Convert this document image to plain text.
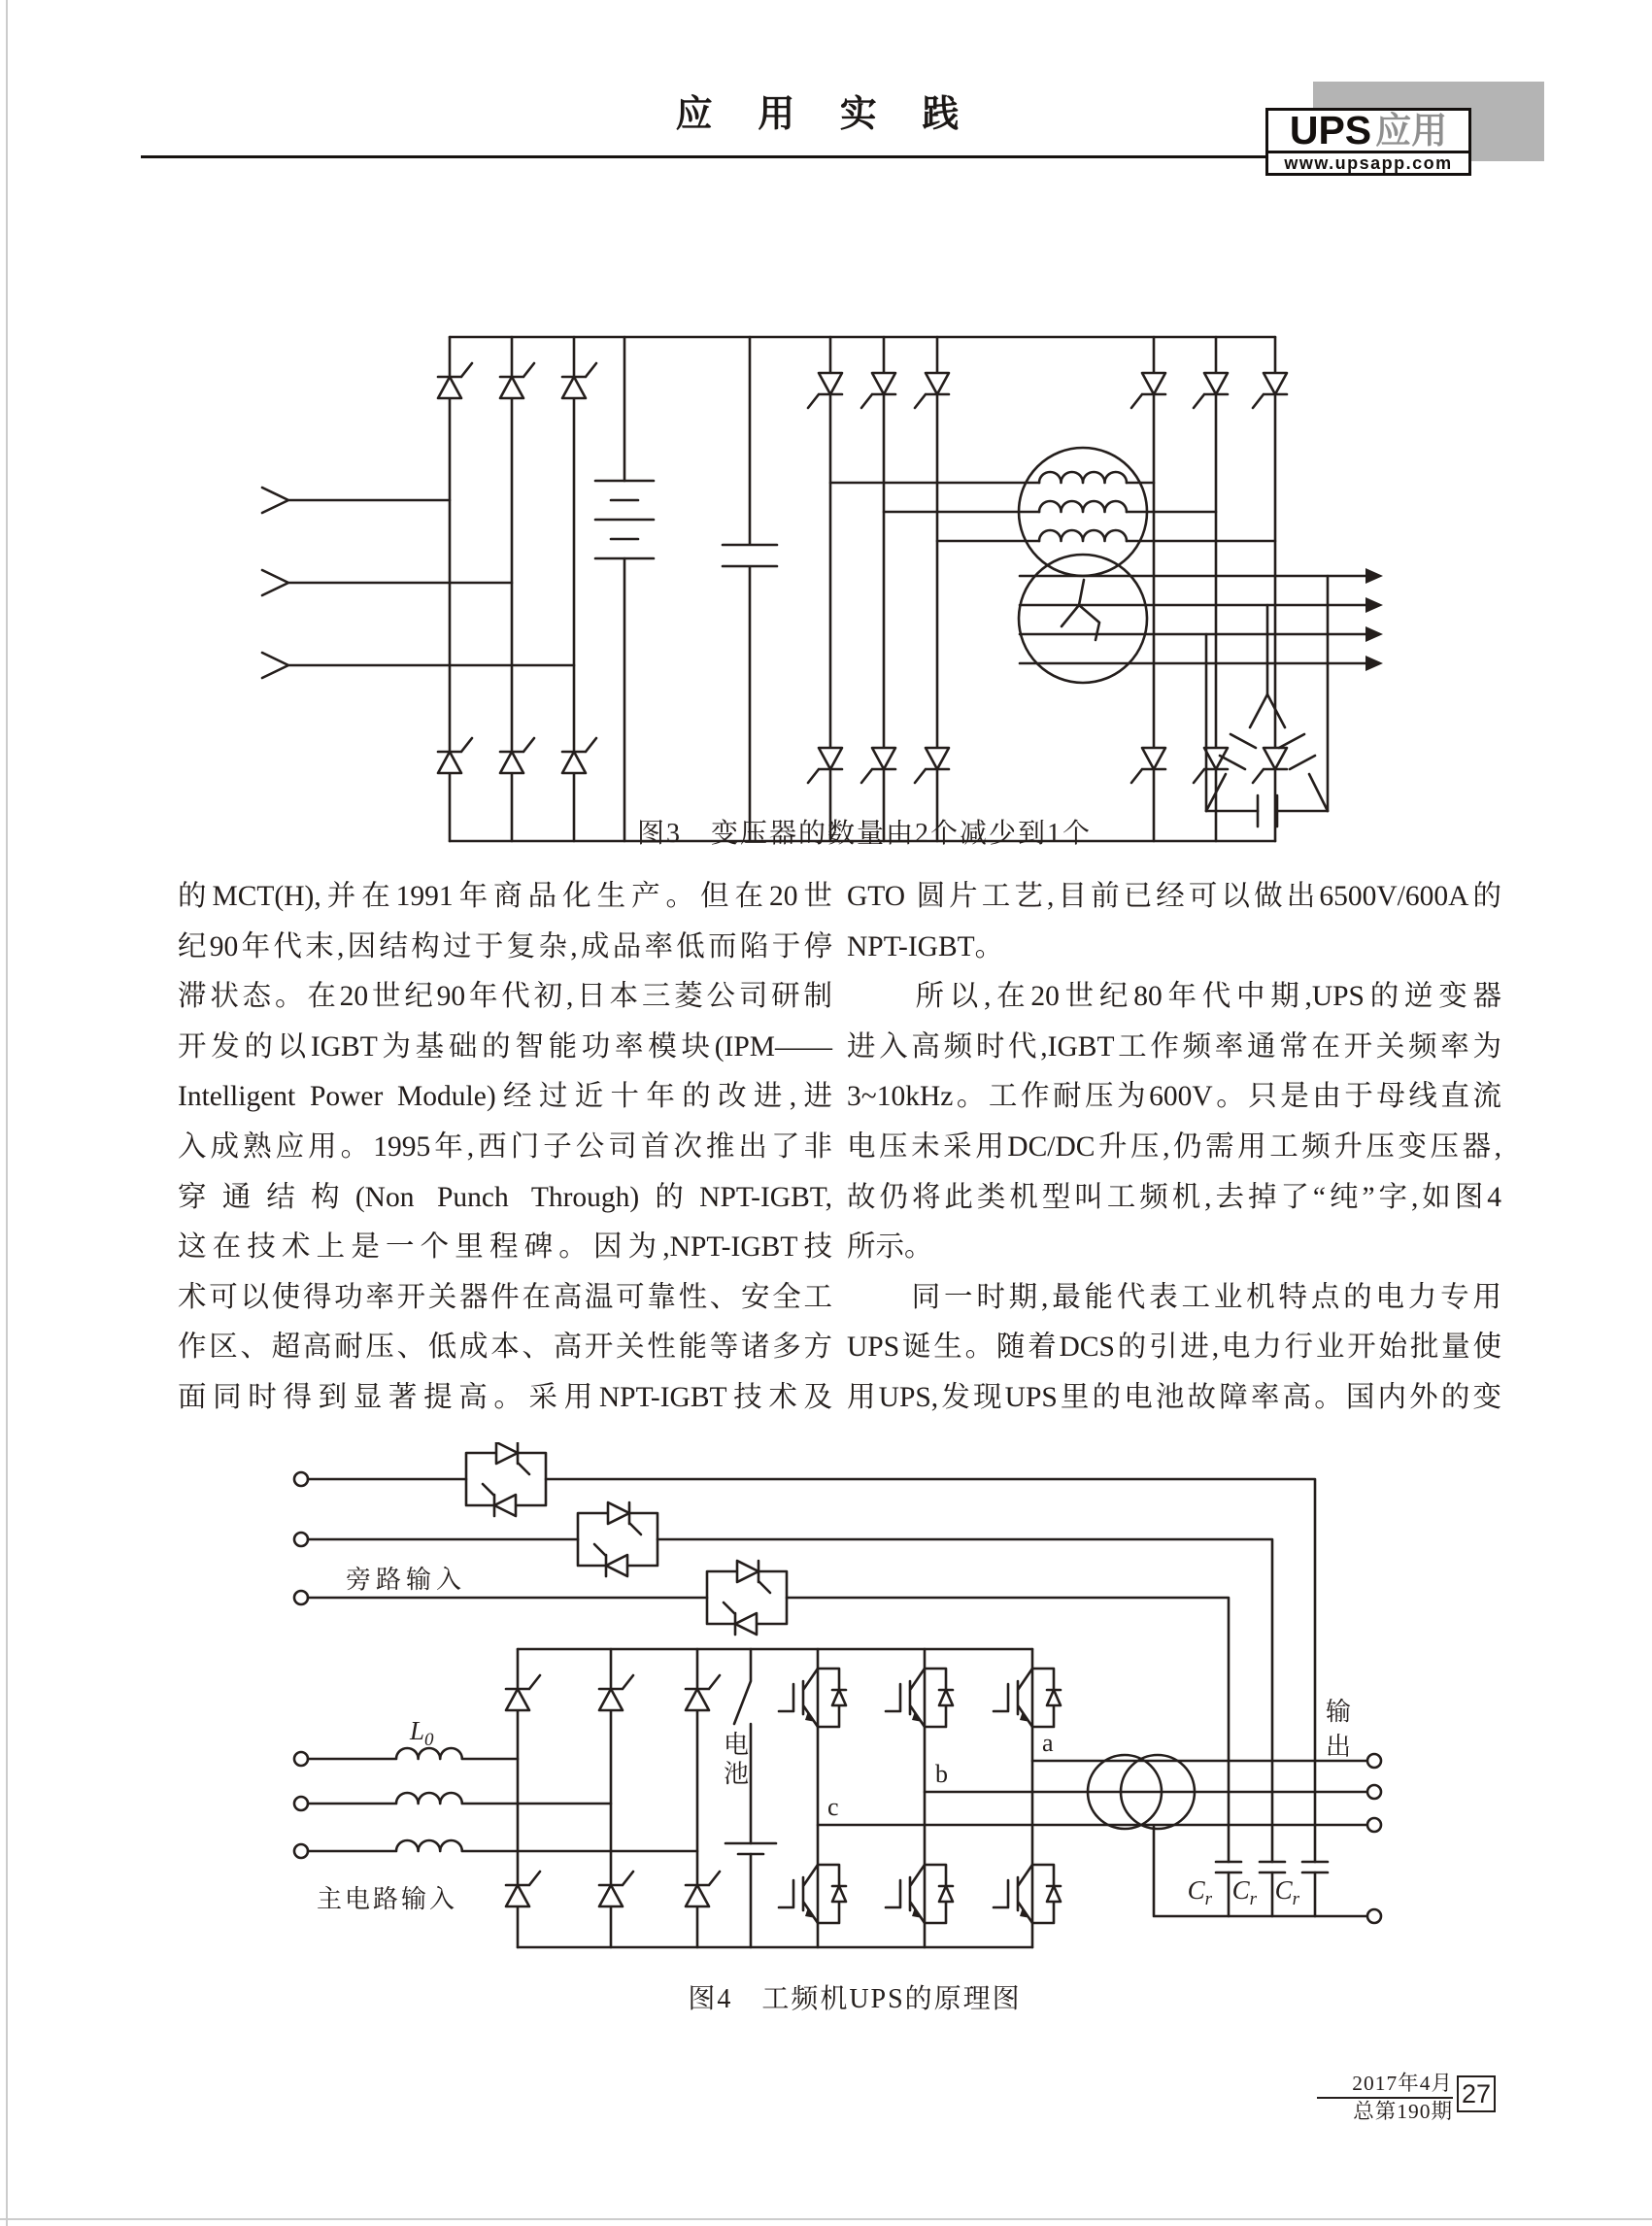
应 用 实 践	UPS 应用
www.upsapp.com
图3　变压器的数量由2个减少到1个
的MCT(H),并在1991年商品化生产。但在20世
纪90年代末,因结构过于复杂,成品率低而陷于停
滞状态。在20世纪90年代初,日本三菱公司研制
开发的以IGBT为基础的智能功率模块(IPM——
Intelligent Power Module)经过近十年的改进,进
入成熟应用。1995年,西门子公司首次推出了非
穿通结构(Non Punch Through)的NPT-IGBT,
这在技术上是一个里程碑。因为,NPT-IGBT技
术可以使得功率开关器件在高温可靠性、安全工
作区、超高耐压、低成本、高开关性能等诸多方
面同时得到显著提高。采用NPT-IGBT技术及
GTO 圆片工艺,目前已经可以做出6500V/600A的
NPT-IGBT。
　　所以,在20世纪80年代中期,UPS的逆变器
进入高频时代,IGBT工作频率通常在开关频率为
3~10kHz。工作耐压为600V。只是由于母线直流
电压未采用DC/DC升压,仍需用工频升压变压器,
故仍将此类机型叫工频机,去掉了“纯”字,如图4
所示。
　　同一时期,最能代表工业机特点的电力专用
UPS诞生。随着DCS的引进,电力行业开始批量使
用UPS,发现UPS里的电池故障率高。国内外的变
旁路输入
$L_0$
主电路输入
电
池
a
b
c
$C_r$ $C_r$ $C_r$
输
出
图4　工频机UPS的原理图
2017年4月
总第190期
27
